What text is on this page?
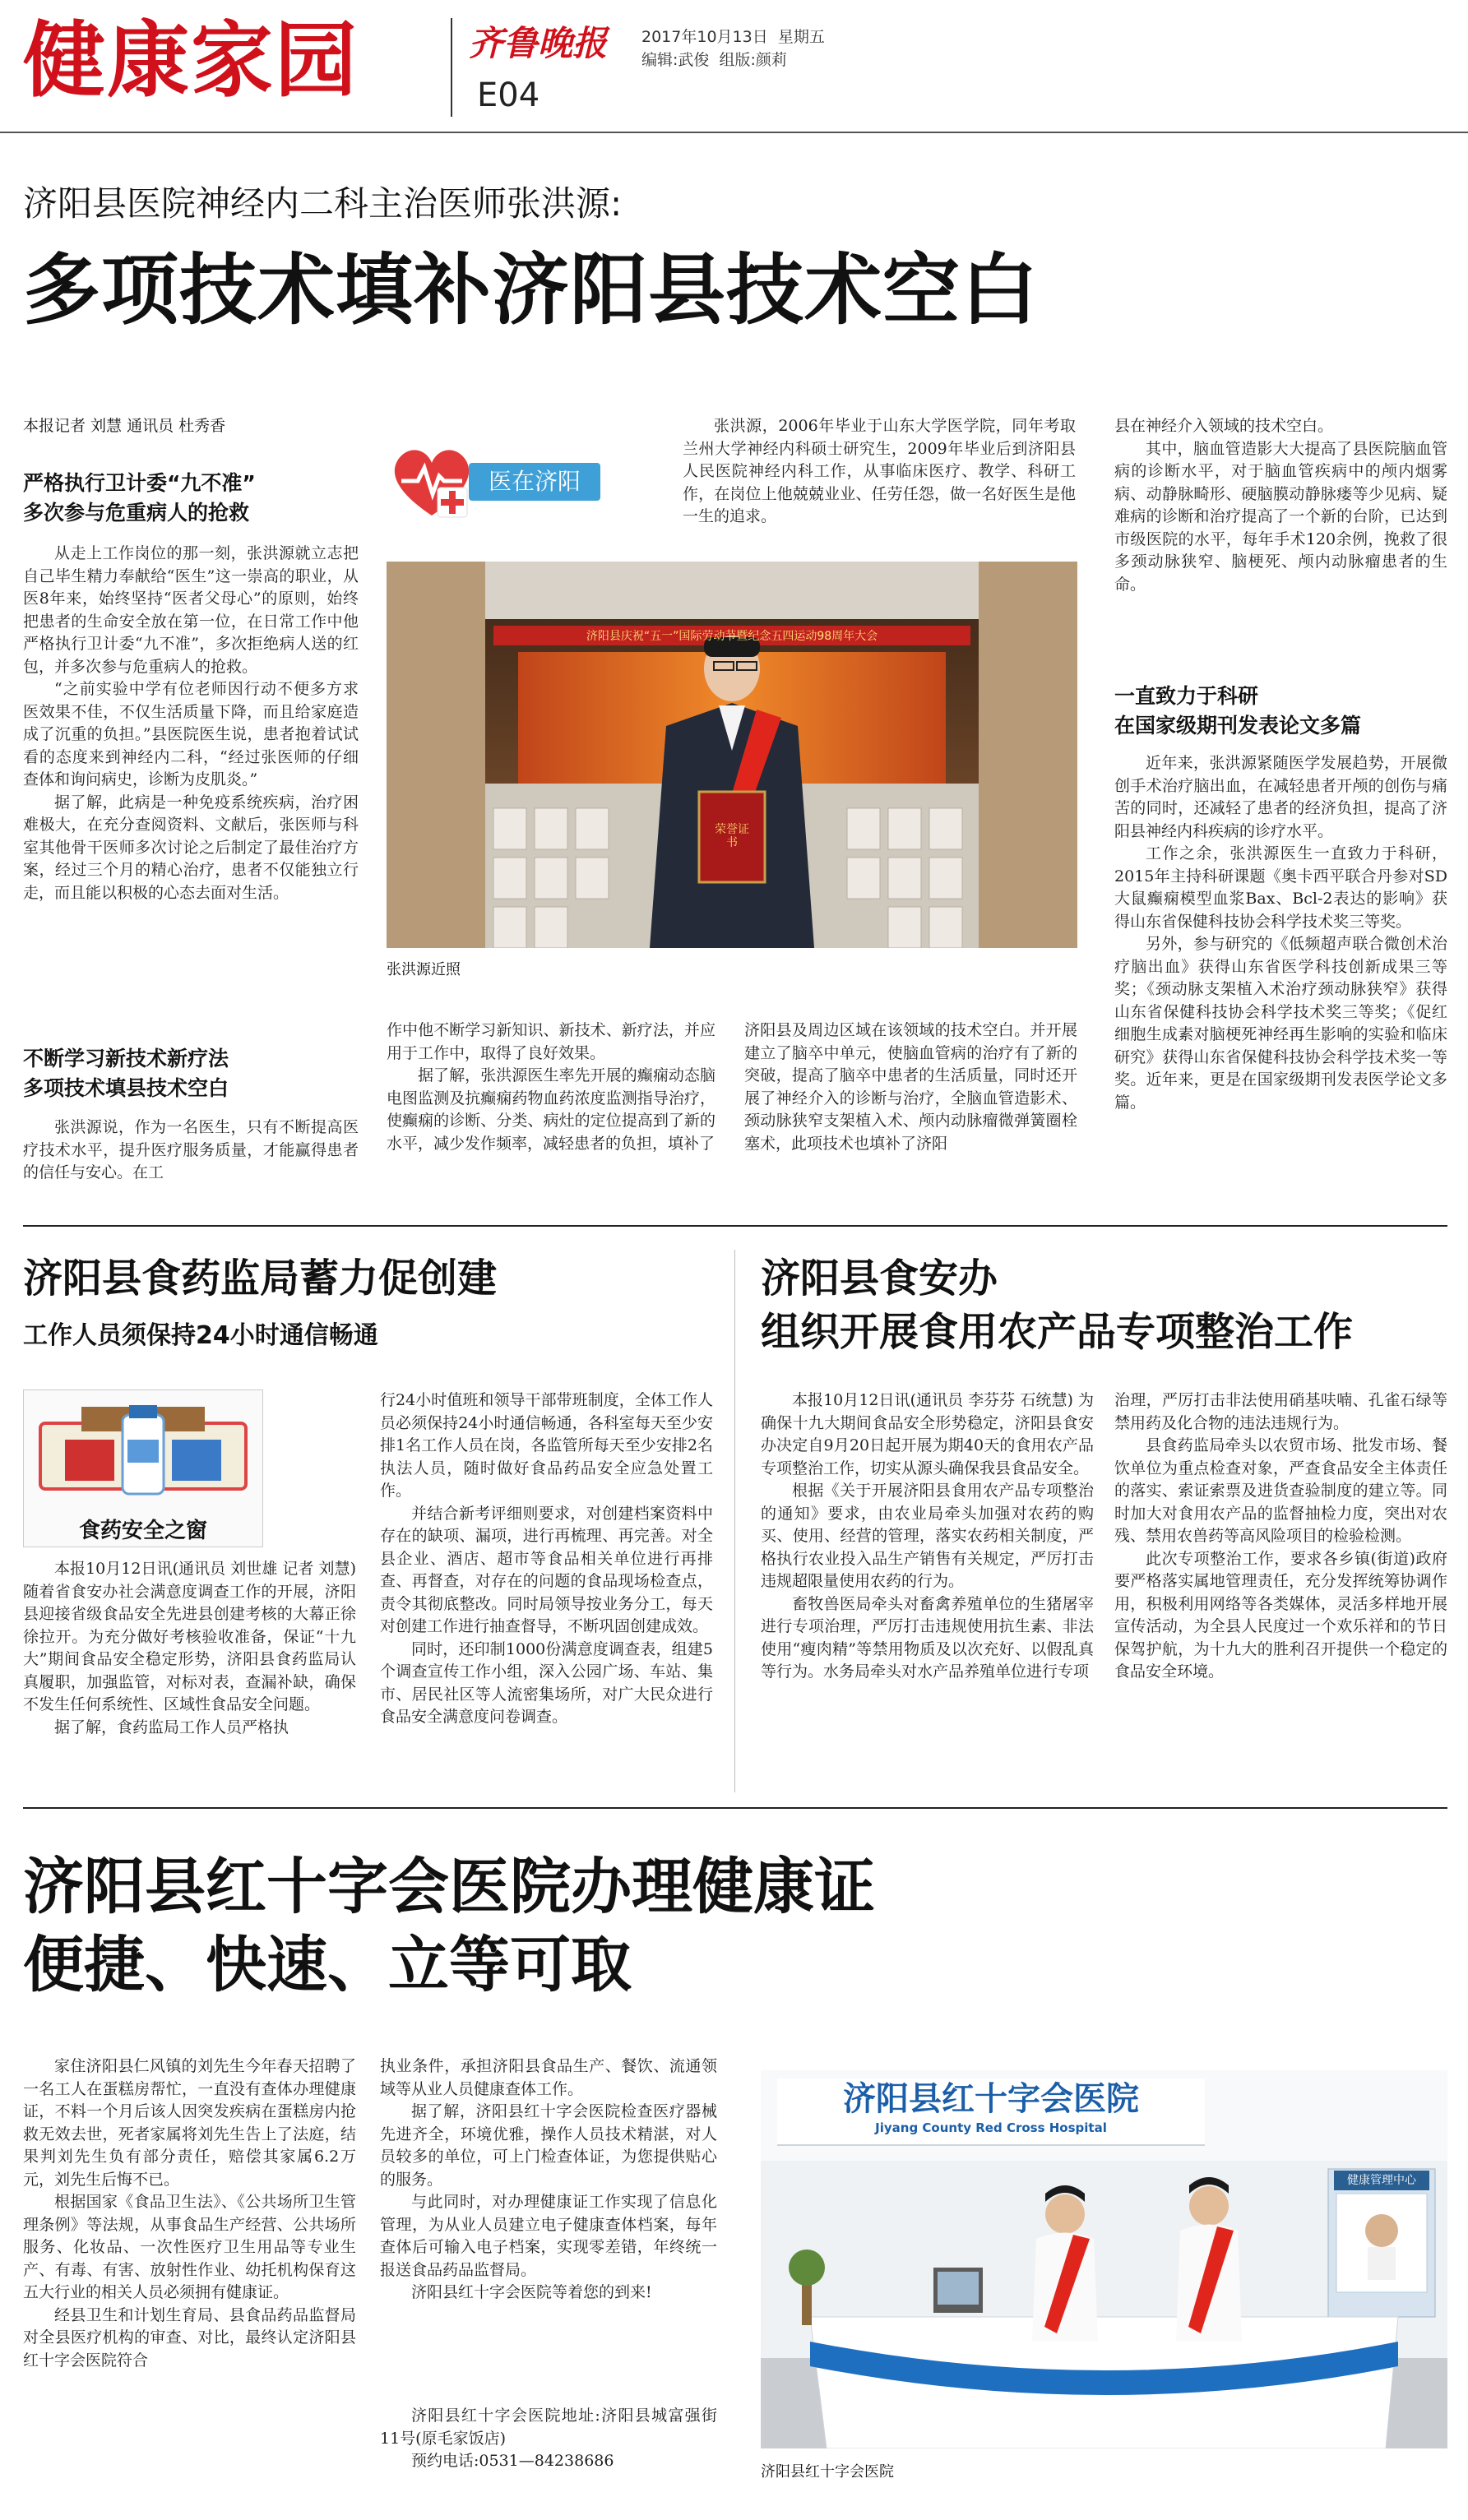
健康家园	齐鲁晚报 2017年10月13日 星期五
编辑:武俊 组版:颜莉
E04
济阳县医院神经内二科主治医师张洪源:
多项技术填补济阳县技术空白
本报记者 刘慧 通讯员 杜秀香
严格执行卫计委“九不准”
多次参与危重病人的抢救

从走上工作岗位的那一刻，张洪源就立志把自己毕生精力奉献给“医生”这一崇高的职业，从医8年来，始终坚持“医者父母心”的原则，始终把患者的生命安全放在第一位，在日常工作中他严格执行卫计委“九不准”，多次拒绝病人送的红包，并多次参与危重病人的抢救。

“之前实验中学有位老师因行动不便多方求医效果不佳，不仅生活质量下降，而且给家庭造成了沉重的负担。”县医院医生说，患者抱着试试看的态度来到神经内二科，“经过张医师的仔细查体和询问病史，诊断为皮肌炎。”

据了解，此病是一种免疫系统疾病，治疗困难极大，在充分查阅资料、文献后，张医师与科室其他骨干医师多次讨论之后制定了最佳治疗方案，经过三个月的精心治疗，患者不仅能独立行走，而且能以积极的心态去面对生活。

不断学习新技术新疗法
多项技术填县技术空白

张洪源说，作为一名医生，只有不断提高医疗技术水平，提升医疗服务质量，才能赢得患者的信任与安心。在工

医在济阳

张洪源，2006年毕业于山东大学医学院，同年考取兰州大学神经内科硕士研究生，2009年毕业后到济阳县人民医院神经内科工作，从事临床医疗、教学、科研工作，在岗位上他兢兢业业、任劳任怨，做一名好医生是他一生的追求。

济阳县庆祝“五一”国际劳动节暨纪念五四运动98周年大会
荣誉证书
张洪源近照

作中他不断学习新知识、新技术、新疗法，并应用于工作中，取得了良好效果。

据了解，张洪源医生率先开展的癫痫动态脑电图监测及抗癫痫药物血药浓度监测指导治疗，使癫痫的诊断、分类、病灶的定位提高到了新的水平，减少发作频率，减轻患者的负担，填补了

济阳县及周边区域在该领域的技术空白。并开展建立了脑卒中单元，使脑血管病的治疗有了新的突破，提高了脑卒中患者的生活质量，同时还开展了神经介入的诊断与治疗，全脑血管造影术、颈动脉狭窄支架植入术、颅内动脉瘤微弹簧圈栓塞术，此项技术也填补了济阳

县在神经介入领域的技术空白。

其中，脑血管造影大大提高了县医院脑血管病的诊断水平，对于脑血管疾病中的颅内烟雾病、动静脉畸形、硬脑膜动静脉瘘等少见病、疑难病的诊断和治疗提高了一个新的台阶，已达到市级医院的水平，每年手术120余例，挽救了很多颈动脉狭窄、脑梗死、颅内动脉瘤患者的生命。

一直致力于科研
在国家级期刊发表论文多篇

近年来，张洪源紧随医学发展趋势，开展微创手术治疗脑出血，在减轻患者开颅的创伤与痛苦的同时，还减轻了患者的经济负担，提高了济阳县神经内科疾病的诊疗水平。

工作之余，张洪源医生一直致力于科研，2015年主持科研课题《奥卡西平联合丹参对SD大鼠癫痫模型血浆Bax、Bcl-2表达的影响》获得山东省保健科技协会科学技术奖三等奖。

另外，参与研究的《低频超声联合微创术治疗脑出血》获得山东省医学科技创新成果三等奖；《颈动脉支架植入术治疗颈动脉狭窄》获得山东省保健科技协会科学技术奖三等奖；《促红细胞生成素对脑梗死神经再生影响的实验和临床研究》获得山东省保健科技协会科学技术奖一等奖。近年来，更是在国家级期刊发表医学论文多篇。

济阳县食药监局蓄力促创建
工作人员须保持24小时通信畅通
食药安全之窗

本报10月12日讯(通讯员 刘世雄 记者 刘慧) 随着省食安办社会满意度调查工作的开展，济阳县迎接省级食品安全先进县创建考核的大幕正徐徐拉开。为充分做好考核验收准备，保证“十九大”期间食品安全稳定形势，济阳县食药监局认真履职，加强监管，对标对表，查漏补缺，确保不发生任何系统性、区域性食品安全问题。

据了解，食药监局工作人员严格执

行24小时值班和领导干部带班制度，全体工作人员必须保持24小时通信畅通，各科室每天至少安排1名工作人员在岗，各监管所每天至少安排2名执法人员，随时做好食品药品安全应急处置工作。

并结合新考评细则要求，对创建档案资料中存在的缺项、漏项，进行再梳理、再完善。对全县企业、酒店、超市等食品相关单位进行再排查、再督查，对存在的问题的食品现场检查点，责令其彻底整改。同时局领导按业务分工，每天对创建工作进行抽查督导，不断巩固创建成效。

同时，还印制1000份满意度调查表，组建5个调查宣传工作小组，深入公园广场、车站、集市、居民社区等人流密集场所，对广大民众进行食品安全满意度问卷调查。

济阳县食安办
组织开展食用农产品专项整治工作

本报10月12日讯(通讯员 李芬芬 石统慧) 为确保十九大期间食品安全形势稳定，济阳县食安办决定自9月20日起开展为期40天的食用农产品专项整治工作，切实从源头确保我县食品安全。

根据《关于开展济阳县食用农产品专项整治的通知》要求，由农业局牵头加强对农药的购买、使用、经营的管理，落实农药相关制度，严格执行农业投入品生产销售有关规定，严厉打击违规超限量使用农药的行为。

畜牧兽医局牵头对畜禽养殖单位的生猪屠宰进行专项治理，严厉打击违规使用抗生素、非法使用“瘦肉精”等禁用物质及以次充好、以假乱真等行为。水务局牵头对水产品养殖单位进行专项

治理，严厉打击非法使用硝基呋喃、孔雀石绿等禁用药及化合物的违法违规行为。

县食药监局牵头以农贸市场、批发市场、餐饮单位为重点检查对象，严查食品安全主体责任的落实、索证索票及进货查验制度的建立等。同时加大对食用农产品的监督抽检力度，突出对农残、禁用农兽药等高风险项目的检验检测。

此次专项整治工作，要求各乡镇(街道)政府要严格落实属地管理责任，充分发挥统筹协调作用，积极利用网络等各类媒体，灵活多样地开展宣传活动，为全县人民度过一个欢乐祥和的节日保驾护航，为十九大的胜利召开提供一个稳定的食品安全环境。

济阳县红十字会医院办理健康证
便捷、快速、立等可取

家住济阳县仁风镇的刘先生今年春天招聘了一名工人在蛋糕房帮忙，一直没有查体办理健康证，不料一个月后该人因突发疾病在蛋糕房内抢救无效去世，死者家属将刘先生告上了法庭，结果判刘先生负有部分责任，赔偿其家属6.2万元，刘先生后悔不已。

根据国家《食品卫生法》、《公共场所卫生管理条例》等法规，从事食品生产经营、公共场所服务、化妆品、一次性医疗卫生用品等专业生产、有毒、有害、放射性作业、幼托机构保育这五大行业的相关人员必须拥有健康证。

经县卫生和计划生育局、县食品药品监督局对全县医疗机构的审查、对比，最终认定济阳县红十字会医院符合

执业条件，承担济阳县食品生产、餐饮、流通领域等从业人员健康查体工作。

据了解，济阳县红十字会医院检查医疗器械先进齐全，环境优雅，操作人员技术精湛，对人员较多的单位，可上门检查体证，为您提供贴心的服务。

与此同时，对办理健康证工作实现了信息化管理，为从业人员建立电子健康查体档案，每年查体后可输入电子档案，实现零差错，年终统一报送食品药品监督局。

济阳县红十字会医院等着您的到来!

济阳县红十字会医院地址:济阳县城富强街11号(原毛家饭店)

预约电话:0531—84238686

济阳县红十字会医院
Jiyang County Red Cross Hospital
健康管理中心
济阳县红十字会医院
